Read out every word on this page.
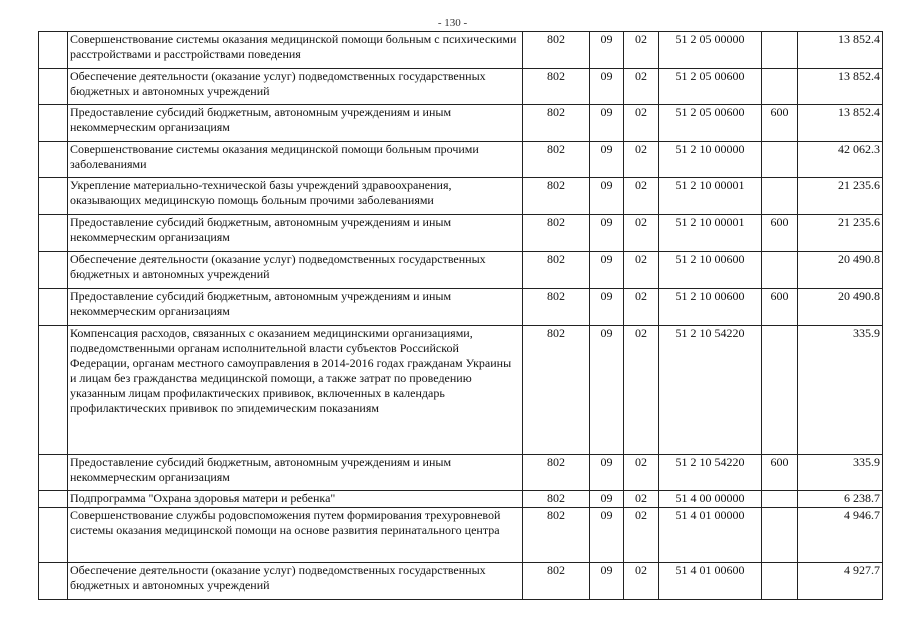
- 130 -
	Совершенствование системы оказания медицинской помощи больным с психическими расстройствами и расстройствами поведения	802	09	02	51 2 05 00000		13 852.4
	Обеспечение деятельности (оказание услуг) подведомственных государственных бюджетных и автономных учреждений	802	09	02	51 2 05 00600		13 852.4
	Предоставление субсидий бюджетным, автономным учреждениям и иным некоммерческим организациям	802	09	02	51 2 05 00600	600	13 852.4
	Совершенствование системы оказания медицинской помощи больным прочими заболеваниями	802	09	02	51 2 10 00000		42 062.3
	Укрепление материально-технической базы учреждений здравоохранения, оказывающих медицинскую помощь больным прочими заболеваниями	802	09	02	51 2 10 00001		21 235.6
	Предоставление субсидий бюджетным, автономным учреждениям и иным некоммерческим организациям	802	09	02	51 2 10 00001	600	21 235.6
	Обеспечение деятельности (оказание услуг) подведомственных государственных бюджетных и автономных учреждений	802	09	02	51 2 10 00600		20 490.8
	Предоставление субсидий бюджетным, автономным учреждениям и иным некоммерческим организациям	802	09	02	51 2 10 00600	600	20 490.8
	Компенсация расходов, связанных с оказанием медицинскими организациями, подведомственными органам исполнительной власти субъектов Российской Федерации, органам местного самоуправления в 2014-2016 годах гражданам Украины и лицам без гражданства медицинской помощи, а также затрат по проведению указанным лицам профилактических прививок, включенных в календарь профилактических прививок по эпидемическим показаниям	802	09	02	51 2 10 54220		335.9
	Предоставление субсидий бюджетным, автономным учреждениям и иным некоммерческим организациям	802	09	02	51 2 10 54220	600	335.9
	Подпрограмма "Охрана здоровья матери и ребенка"	802	09	02	51 4 00 00000		6 238.7
	Совершенствование службы родовспоможения путем формирования трехуровневой системы оказания медицинской помощи на основе развития перинатального центра	802	09	02	51 4 01 00000		4 946.7
	Обеспечение деятельности (оказание услуг) подведомственных государственных бюджетных и автономных учреждений	802	09	02	51 4 01 00600		4 927.7
